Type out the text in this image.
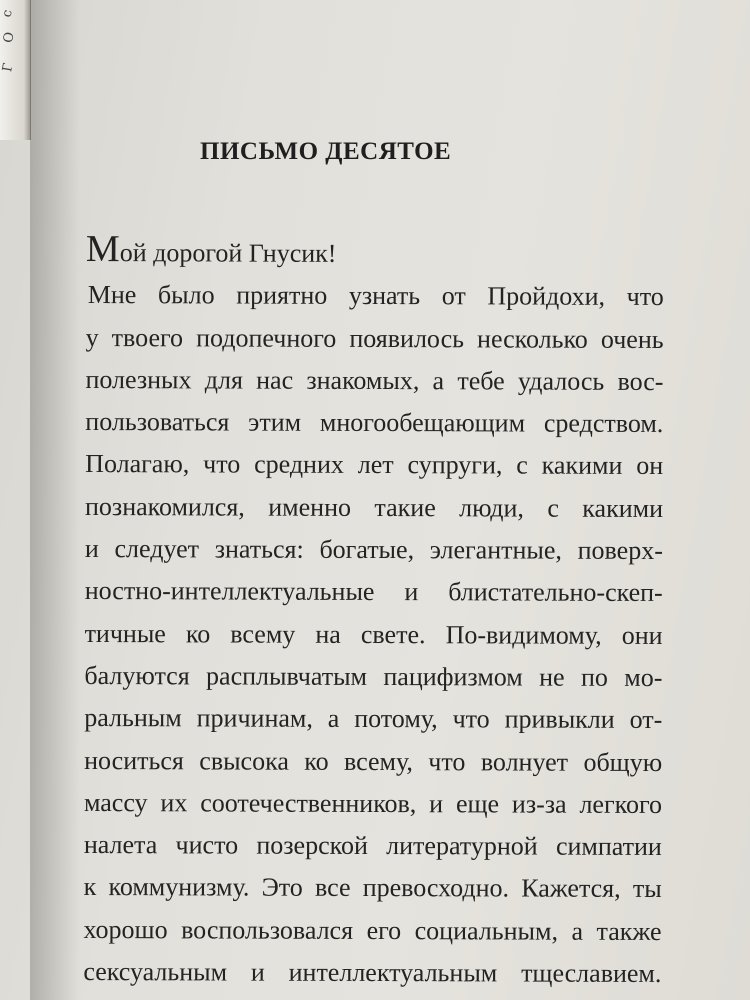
с
О
Г
ПИСЬМО ДЕСЯТОЕ
Мой дорогой Гнусик!
Мне было приятно узнать от Пройдохи, что
у твоего подопечного появилось несколько очень
полезных для нас знакомых, а тебе удалось вос-
пользоваться этим многообещающим средством.
Полагаю, что средних лет супруги, с какими он
познакомился, именно такие люди, с какими
и следует знаться: богатые, элегантные, поверх-
ностно-интеллектуальные и блистательно-скеп-
тичные ко всему на свете. По-видимому, они
балуются расплывчатым пацифизмом не по мо-
ральным причинам, а потому, что привыкли от-
носиться свысока ко всему, что волнует общую
массу их соотечественников, и еще из-за легкого
налета чисто позерской литературной симпатии
к коммунизму. Это все превосходно. Кажется, ты
хорошо воспользовался его социальным, а также
сексуальным и интеллектуальным тщеславием.
